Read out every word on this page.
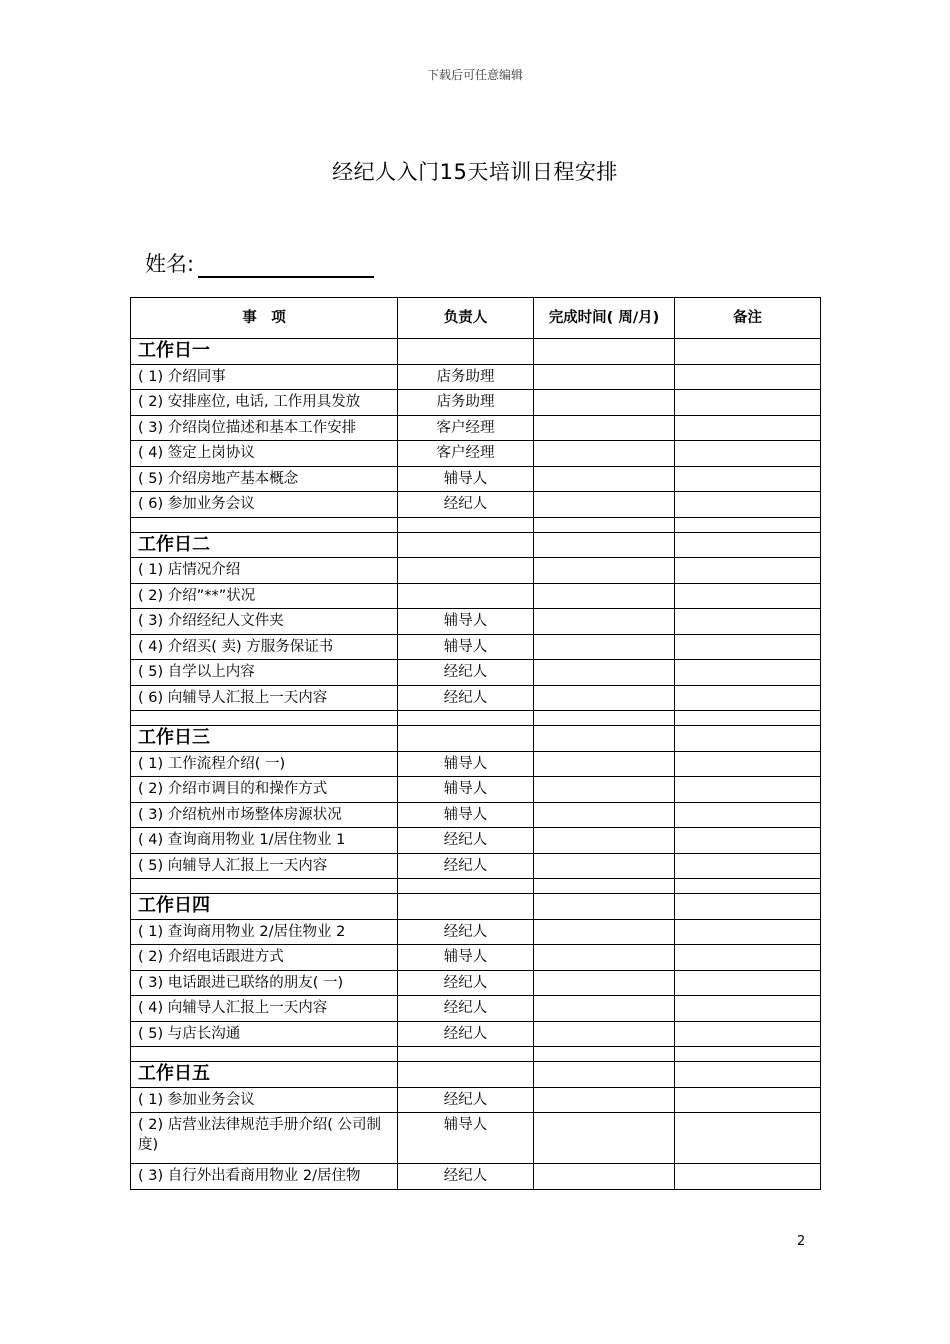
下载后可任意编辑
经纪人入门15天培训日程安排
姓名:
事　项	负责人	完成时间( 周/月)	备注
工作日一			
( 1) 介绍同事	店务助理		
( 2) 安排座位, 电话, 工作用具发放	店务助理		
( 3) 介绍岗位描述和基本工作安排	客户经理		
( 4) 签定上岗协议	客户经理		
( 5) 介绍房地产基本概念	辅导人		
( 6) 参加业务会议	经纪人		

工作日二			
( 1) 店情况介绍			
( 2) 介绍”**”状况			
( 3) 介绍经纪人文件夹	辅导人		
( 4) 介绍买( 卖) 方服务保证书	辅导人		
( 5) 自学以上内容	经纪人		
( 6) 向辅导人汇报上一天内容	经纪人		

工作日三			
( 1) 工作流程介绍( 一)	辅导人		
( 2) 介绍市调目的和操作方式	辅导人		
( 3) 介绍杭州市场整体房源状况	辅导人		
( 4) 查询商用物业 1/居住物业 1	经纪人		
( 5) 向辅导人汇报上一天内容	经纪人		

工作日四			
( 1) 查询商用物业 2/居住物业 2	经纪人		
( 2) 介绍电话跟进方式	辅导人		
( 3) 电话跟进已联络的朋友( 一)	经纪人		
( 4) 向辅导人汇报上一天内容	经纪人		
( 5) 与店长沟通	经纪人		

工作日五			
( 1) 参加业务会议	经纪人		
( 2) 店营业法律规范手册介绍( 公司制度)	辅导人		
( 3) 自行外出看商用物业 2/居住物	经纪人		
2
